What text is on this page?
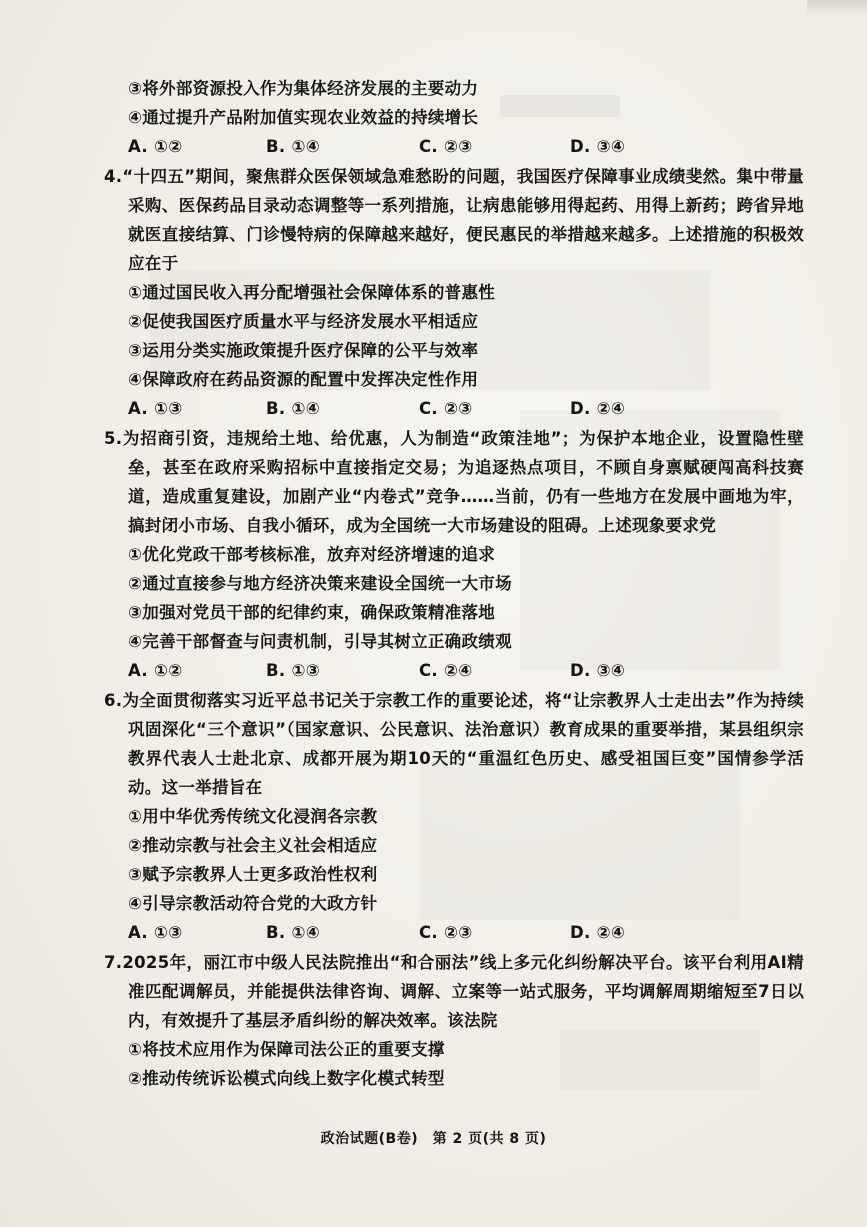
③将外部资源投入作为集体经济发展的主要动力
④通过提升产品附加值实现农业效益的持续增长
A. ①②	B. ①④	C. ②③	D. ③④
4.“十四五”期间，聚焦群众医保领域急难愁盼的问题，我国医疗保障事业成绩斐然。集中带量采购、医保药品目录动态调整等一系列措施，让病患能够用得起药、用得上新药；跨省异地就医直接结算、门诊慢特病的保障越来越好，便民惠民的举措越来越多。上述措施的积极效应在于
①通过国民收入再分配增强社会保障体系的普惠性
②促使我国医疗质量水平与经济发展水平相适应
③运用分类实施政策提升医疗保障的公平与效率
④保障政府在药品资源的配置中发挥决定性作用
A. ①③	B. ①④	C. ②③	D. ②④
5.为招商引资，违规给土地、给优惠，人为制造“政策洼地”；为保护本地企业，设置隐性壁垒，甚至在政府采购招标中直接指定交易；为追逐热点项目，不顾自身禀赋硬闯高科技赛道，造成重复建设，加剧产业“内卷式”竞争……当前，仍有一些地方在发展中画地为牢，搞封闭小市场、自我小循环，成为全国统一大市场建设的阻碍。上述现象要求党
①优化党政干部考核标准，放弃对经济增速的追求
②通过直接参与地方经济决策来建设全国统一大市场
③加强对党员干部的纪律约束，确保政策精准落地
④完善干部督查与问责机制，引导其树立正确政绩观
A. ①②	B. ①③	C. ②④	D. ③④
6.为全面贯彻落实习近平总书记关于宗教工作的重要论述，将“让宗教界人士走出去”作为持续巩固深化“三个意识”（国家意识、公民意识、法治意识）教育成果的重要举措，某县组织宗教界代表人士赴北京、成都开展为期10天的“重温红色历史、感受祖国巨变”国情参学活动。这一举措旨在
①用中华优秀传统文化浸润各宗教
②推动宗教与社会主义社会相适应
③赋予宗教界人士更多政治性权利
④引导宗教活动符合党的大政方针
A. ①③	B. ①④	C. ②③	D. ②④
7.2025年，丽江市中级人民法院推出“和合丽法”线上多元化纠纷解决平台。该平台利用AI精准匹配调解员，并能提供法律咨询、调解、立案等一站式服务，平均调解周期缩短至7日以内，有效提升了基层矛盾纠纷的解决效率。该法院
①将技术应用作为保障司法公正的重要支撑
②推动传统诉讼模式向线上数字化模式转型
政治试题(B卷)　第 2 页(共 8 页)
